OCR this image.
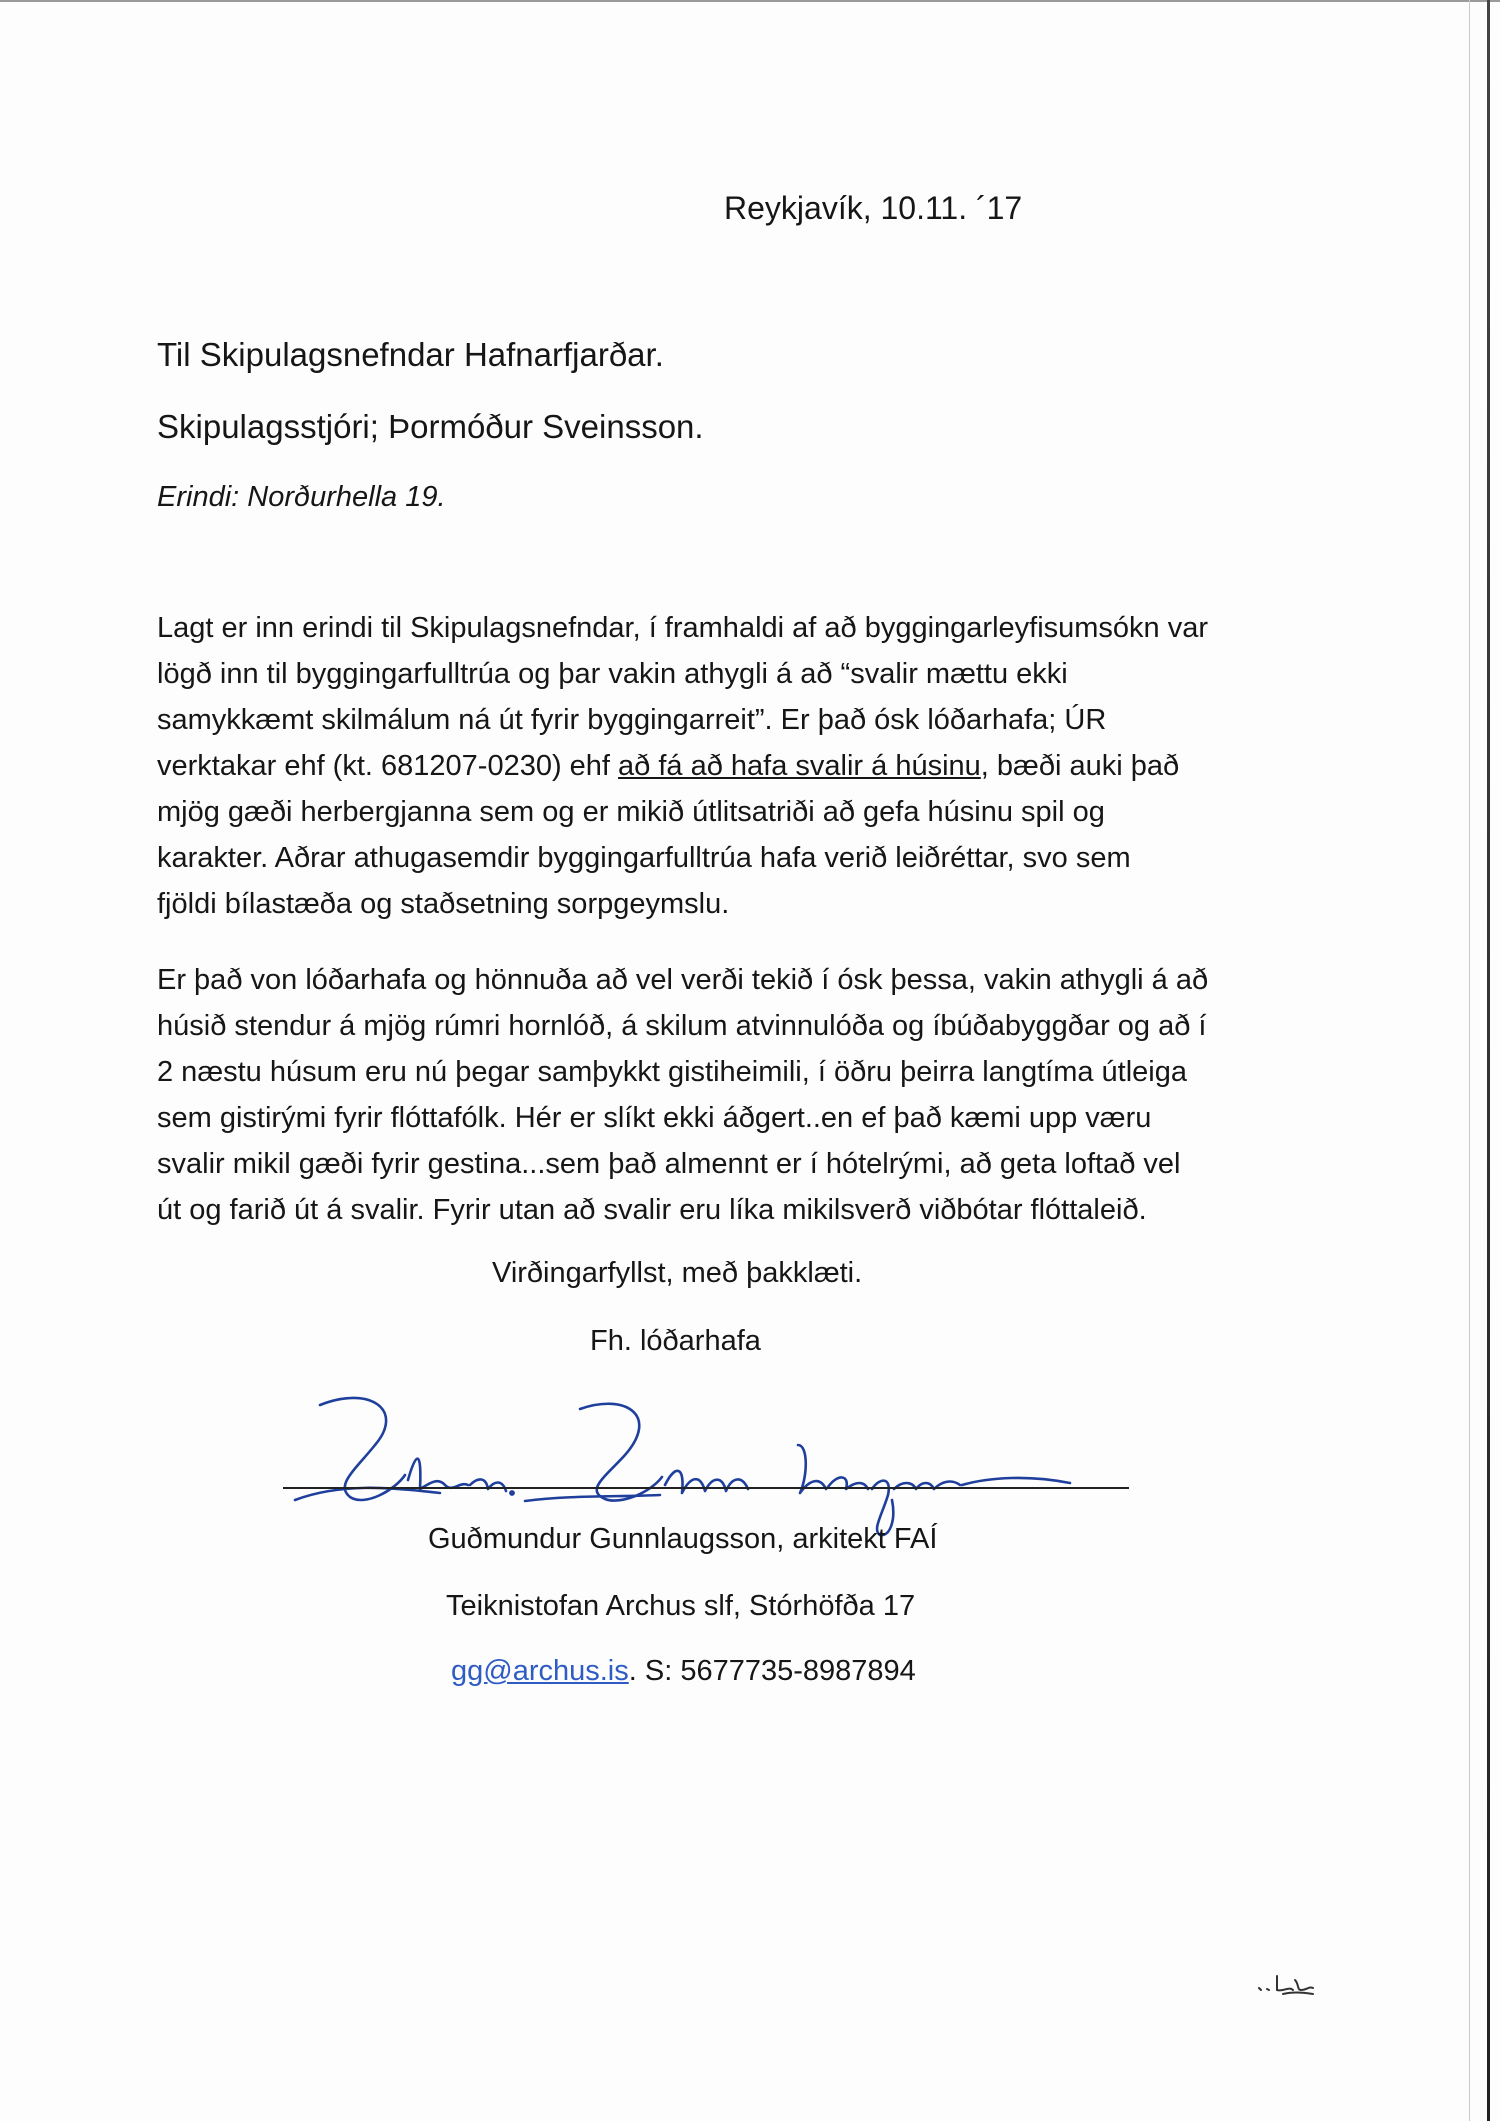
Reykjavík, 10.11. ´17
Til Skipulagsnefndar Hafnarfjarðar.
Skipulagsstjóri; Þormóður Sveinsson.
Erindi: Norðurhella 19.
Lagt er inn erindi til Skipulagsnefndar, í framhaldi af að byggingarleyfisumsókn var
lögð inn til byggingarfulltrúa og þar vakin athygli á að “svalir mættu ekki
samykkæmt skilmálum ná út fyrir byggingarreit”. Er það ósk lóðarhafa; ÚR
verktakar ehf (kt. 681207-0230) ehf að fá að hafa svalir á húsinu, bæði auki það
mjög gæði herbergjanna sem og er mikið útlitsatriði að gefa húsinu spil og
karakter. Aðrar athugasemdir byggingarfulltrúa hafa verið leiðréttar, svo sem
fjöldi bílastæða og staðsetning sorpgeymslu.
Er það von lóðarhafa og hönnuða að vel verði tekið í ósk þessa, vakin athygli á að
húsið stendur á mjög rúmri hornlóð, á skilum atvinnulóða og íbúðabyggðar og að í
2 næstu húsum eru nú þegar samþykkt gistiheimili, í öðru þeirra langtíma útleiga
sem gistirými fyrir flóttafólk. Hér er slíkt ekki áðgert..en ef það kæmi upp væru
svalir mikil gæði fyrir gestina...sem það almennt er í hótelrými, að geta loftað vel
út og farið út á svalir. Fyrir utan að svalir eru líka mikilsverð viðbótar flóttaleið.
Virðingarfyllst, með þakklæti.
Fh. lóðarhafa
Guðmundur Gunnlaugsson, arkitekt FAÍ
Teiknistofan Archus slf, Stórhöfða 17
gg@archus.is. S: 5677735-8987894
